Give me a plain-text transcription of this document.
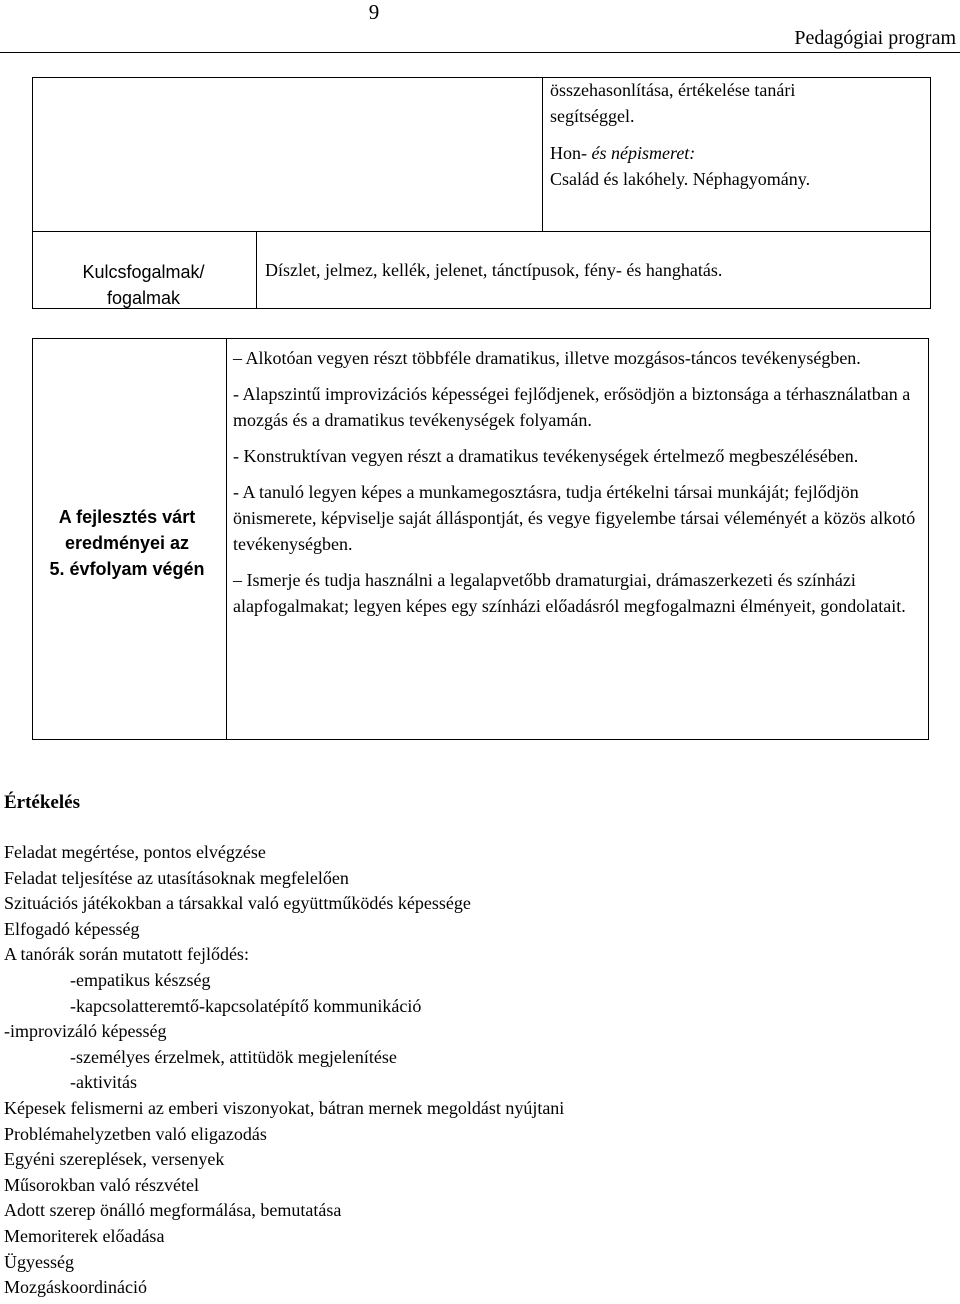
9
Pedagógiai program

összehasonlítása, értékelése tanári

segítséggel.

Hon- és népismeret:

Család és lakóhely. Néphagyomány.

Kulcsfogalmak/

fogalmak

Díszlet, jelmez, kellék, jelenet, tánctípusok, fény- és hanghatás.

A fejlesztés várt

eredményei az

5. évfolyam végén

– Alkotóan vegyen részt többféle dramatikus, illetve mozgásos-táncos tevékenységben.

- Alapszintű improvizációs képességei fejlődjenek, erősödjön a biztonsága a térhasználatban a mozgás és a dramatikus tevékenységek folyamán.

- Konstruktívan vegyen részt a dramatikus tevékenységek értelmező megbeszélésében.

- A tanuló legyen képes a munkamegosztásra, tudja értékelni társai munkáját; fejlődjön önismerete, képviselje saját álláspontját, és vegye figyelembe társai véleményét a közös alkotó tevékenységben.

– Ismerje és tudja használni a legalapvetőbb dramaturgiai, drámaszerkezeti és színházi alapfogalmakat; legyen képes egy színházi előadásról megfogalmazni élményeit, gondolatait.

Értékelés
Feladat megértése, pontos elvégzése
Feladat teljesítése az utasításoknak megfelelően
Szituációs játékokban a társakkal való együttműködés képessége
Elfogadó képesség
A tanórák során mutatott fejlődés:
-empatikus készség
-kapcsolatteremtő-kapcsolatépítő kommunikáció
-improvizáló képesség
-személyes érzelmek, attitüdök megjelenítése
-aktivitás
Képesek felismerni az emberi viszonyokat, bátran mernek megoldást nyújtani
Problémahelyzetben való eligazodás
Egyéni szereplések, versenyek
Műsorokban való részvétel
Adott szerep önálló megformálása, bemutatása
Memoriterek előadása
Ügyesség
Mozgáskoordináció
